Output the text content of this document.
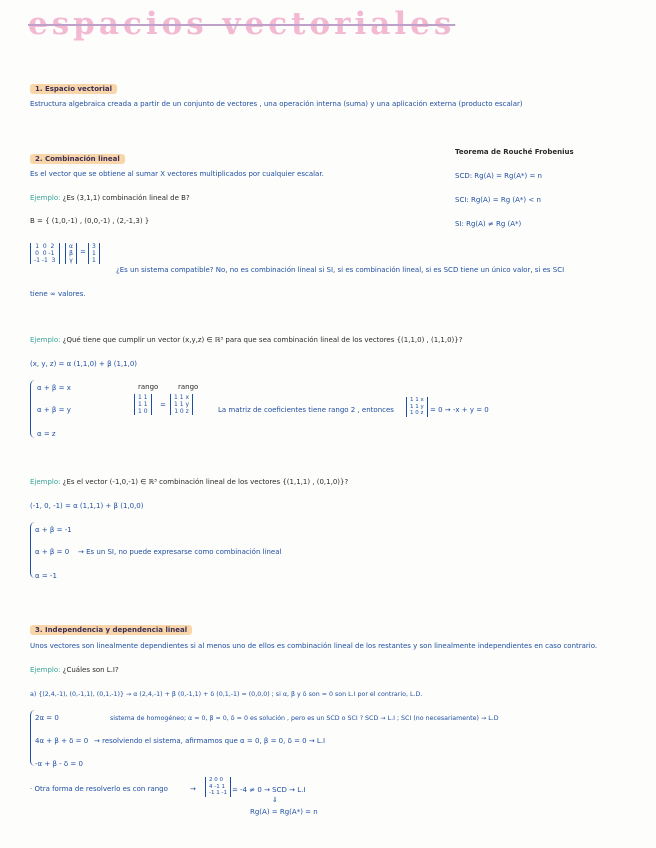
espacios vectoriales
1. Espacio vectorial
Estructura algebraica creada a partir de un conjunto de vectores , una operación interna (suma) y una aplicación externa (producto escalar)
2. Combinación lineal
Es el vector que se obtiene al sumar X vectores multiplicados por cualquier escalar.
Teorema de Rouché Frobenius
SCD: Rg(A) = Rg(A*) = n
SCI: Rg(A) = Rg (A*) < n
SI: Rg(A) ≠ Rg (A*)
Ejemplo: ¿Es (3,1,1) combinación lineal de B?
B = { (1,0,-1) , (0,0,-1) , (2,-1,3) }
1  0  2
0  0 -1
-1 -1  3
α
β
γ
=
3
1
1
¿Es un sistema compatible? No, no es combinación lineal si SI, si es combinación lineal, si es SCD tiene un único valor, si es SCI
tiene ∞ valores.
Ejemplo: ¿Qué tiene que cumplir un vector (x,y,z) ∈ ℝ³ para que sea combinación lineal de los vectores {(1,1,0) , (1,1,0)}?
(x, y, z) = α (1,1,0) + β (1,1,0)
α + β = x
α + β = y
α = z
rango	rango
1 1
1 1
1 0
=
1 1 x
1 1 y
1 0 z	La matriz de coeficientes tiene rango 2 , entonces
1 1 x
1 1 y
1 0 z = 0 → -x + y = 0
Ejemplo: ¿Es el vector (-1,0,-1) ∈ ℝ³ combinación lineal de los vectores {(1,1,1) , (0,1,0)}?
(-1, 0, -1) = α (1,1,1) + β (1,0,0)
α + β = -1
α + β = 0
α = -1
→ Es un SI, no puede expresarse como combinación lineal
3. Independencia y dependencia lineal
Unos vectores son linealmente dependientes si al menos uno de ellos es combinación lineal de los restantes y son linealmente independientes en caso contrario.
Ejemplo: ¿Cuáles son L.I?
a) {(2,4,-1), (0,-1,1), (0,1,-1)} → α (2,4,-1) + β (0,-1,1) + δ (0,1,-1) = (0,0,0) ; si α, β y δ son = 0 son L.I por el contrario, L.D.
2α = 0
4α + β + δ = 0
-α + β - δ = 0
sistema de homogéneo; α = 0, β = 0, δ = 0 es solución , pero es un SCD o SCI ? SCD → L.I ; SCI (no necesariamente) → L.D
→ resolviendo el sistema, afirmamos que α = 0, β = 0, δ = 0 → L.I
· Otra forma de resolverlo es con rango	→
2 0 0
4 -1 1
-1 1 -1 = -4 ≠ 0 → SCD → L.I
⇓
Rg(A) = Rg(A*) = n
